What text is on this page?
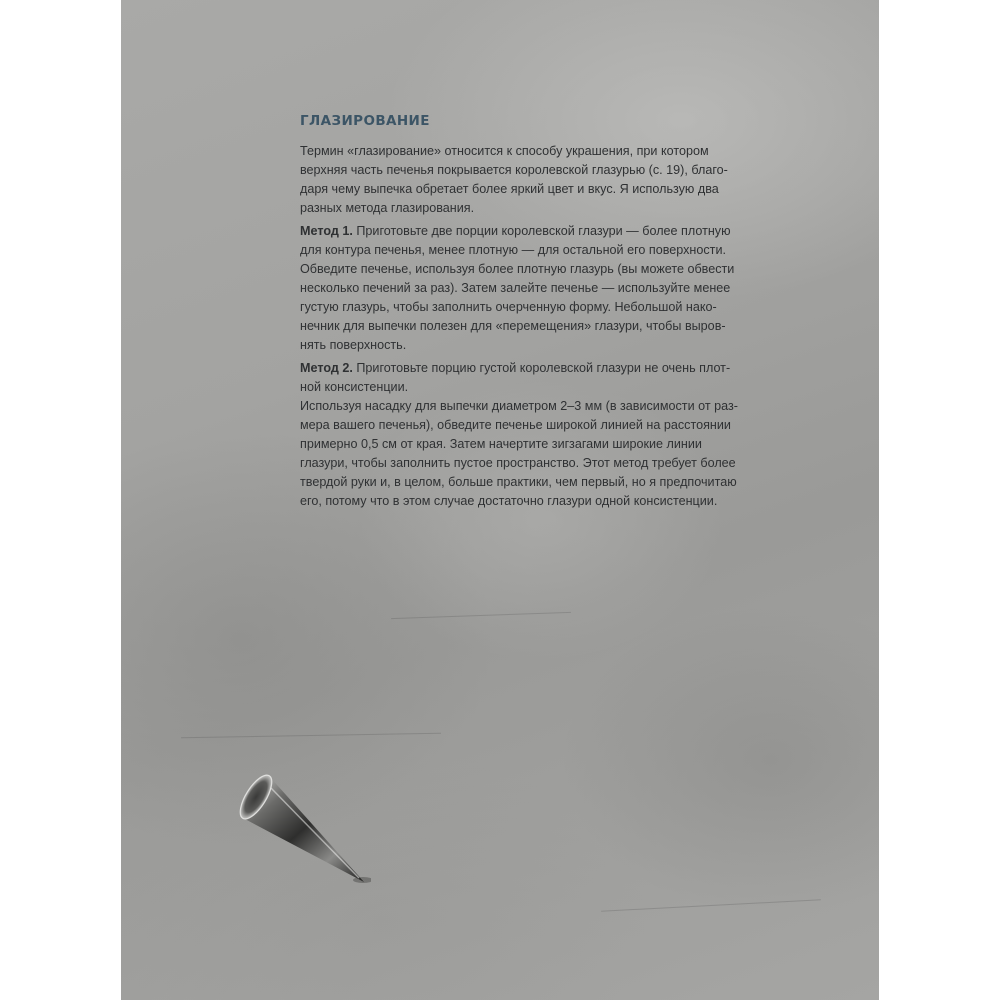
ГЛАЗИРОВАНИЕ
Термин «глазирование» относится к способу украшения, при котором
верхняя часть печенья покрывается королевской глазурью (с. 19), благо-
даря чему выпечка обретает более яркий цвет и вкус. Я использую два
разных метода глазирования.
Метод 1. Приготовьте две порции королевской глазури — более плотную
для контура печенья, менее плотную — для остальной его поверхности.
Обведите печенье, используя более плотную глазурь (вы можете обвести
несколько печений за раз). Затем залейте печенье — используйте менее
густую глазурь, чтобы заполнить очерченную форму. Небольшой нако-
нечник для выпечки полезен для «перемещения» глазури, чтобы выров-
нять поверхность.
Метод 2. Приготовьте порцию густой королевской глазури не очень плот-
ной консистенции.
Используя насадку для выпечки диаметром 2–3 мм (в зависимости от раз-
мера вашего печенья), обведите печенье широкой линией на расстоянии
примерно 0,5 см от края. Затем начертите зигзагами широкие линии
глазури, чтобы заполнить пустое пространство. Этот метод требует более
твердой руки и, в целом, больше практики, чем первый, но я предпочитаю
его, потому что в этом случае достаточно глазури одной консистенции.
